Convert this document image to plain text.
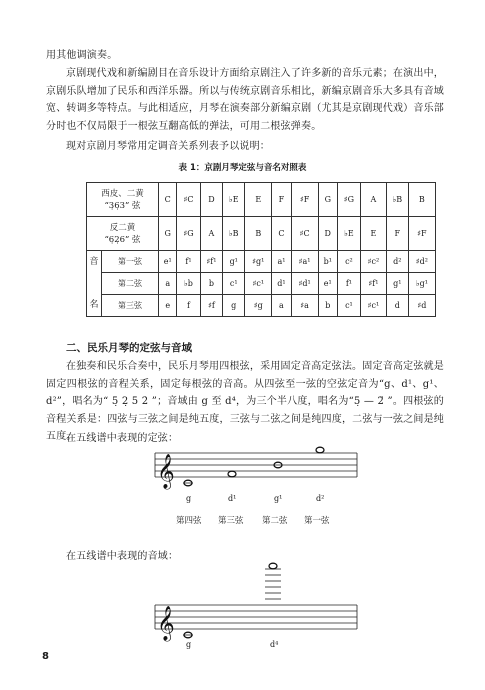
用其他调演奏。

京剧现代戏和新编剧目在音乐设计方面给京剧注入了许多新的音乐元素；在演出中，京剧乐队增加了民乐和西洋乐器。所以与传统京剧音乐相比，新编京剧音乐大多具有音域宽、转调多等特点。与此相适应，月琴在演奏部分新编京剧（尤其是京剧现代戏）音乐部分时也不仅局限于一根弦互翻高低的弹法，可用二根弦弹奏。

现对京剧月琴常用定调音关系列表予以说明：

表 1：京剧月琴定弦与音名对照表
西皮、二黄
“3̣6̣3” 弦		C	♯C	D	♭E	E	F	♯F	G	♯G	A	♭B	B

反二黄
“6̣2̣6” 弦		G	♯G	A	♭B	B	C	♯C	D	♭E	E	F	♯F
音	第一弦	e¹	f¹	♯f¹	g¹	♯g¹	a¹	♯a¹	b¹	c²	♯c²	d²	♯d²
	第二弦	a	♭b	b	c¹	♯c¹	d¹	♯d¹	e¹	f¹	♯f¹	g¹	♭g¹
名	第三弦	e	f	♯f	g	♯g	a	♯a	b	c¹	♯c¹	d	♯d
二、民乐月琴的定弦与音域

在独奏和民乐合奏中，民乐月琴用四根弦，采用固定音高定弦法。固定音高定弦就是固定四根弦的音程关系，固定每根弦的音高。从四弦至一弦的空弦定音为“g、d¹、g¹、d²”，唱名为“ 5̣ 2̣ 5 2̇ ”；音域由 g 至 d⁴，为三个半八度，唱名为“5̣ — 2̈ ”。四根弦的音程关系是：四弦与三弦之间是纯五度，三弦与二弦之间是纯四度，二弦与一弦之间是纯五度。

在五线谱中表现的定弦：

𝄞
g	d¹	g¹	d²
第四弦 第三弦 第二弦 第一弦

在五线谱中表现的音域：

𝄞
g	d⁴
8
